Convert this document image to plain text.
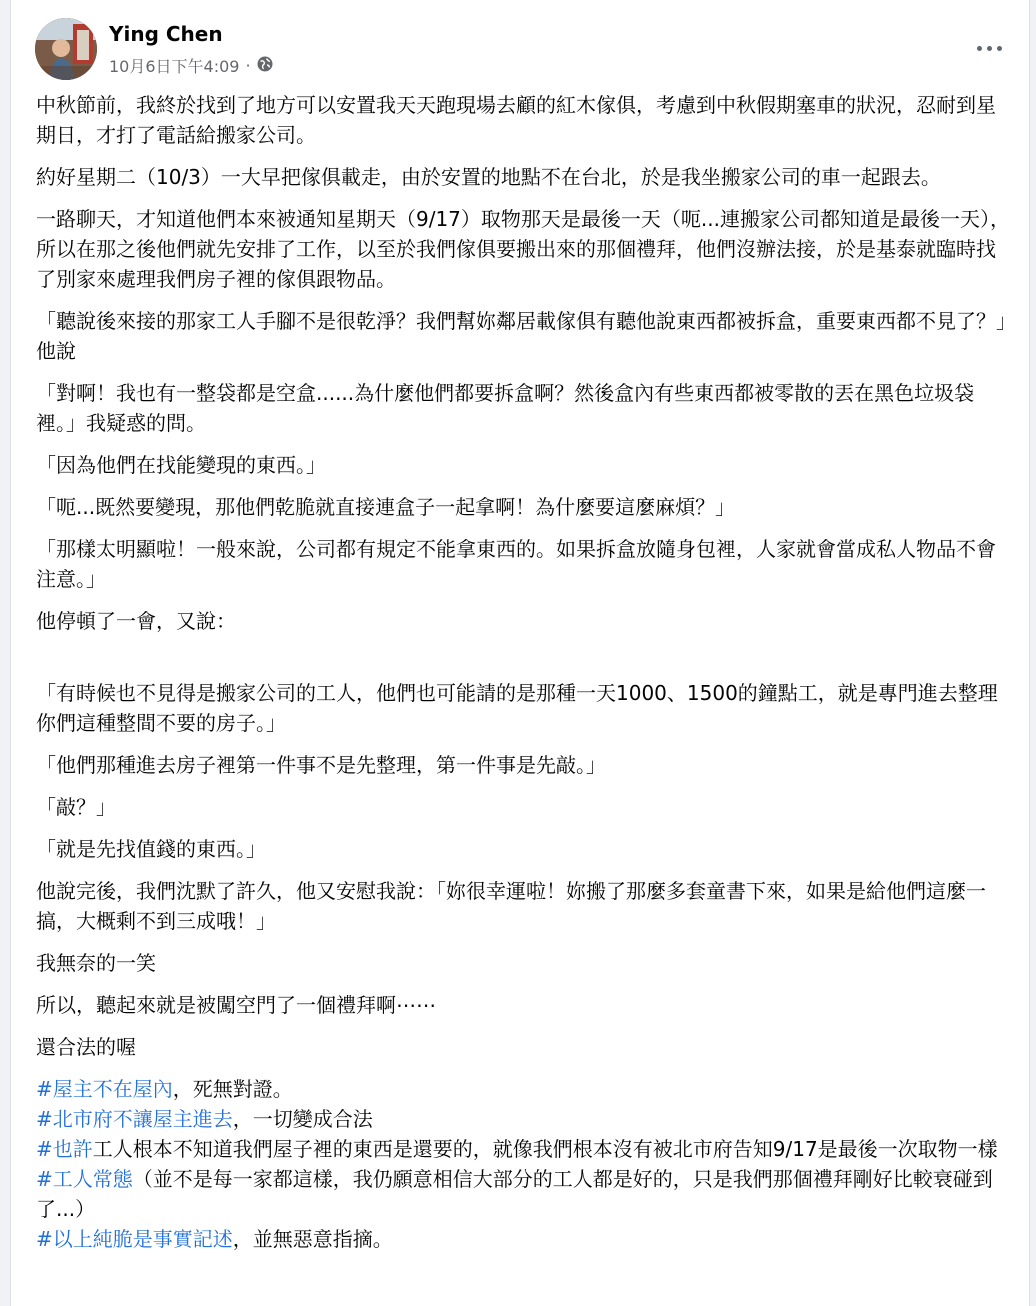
Ying Chen
10月6日下午4:09 ·

中秋節前，我終於找到了地方可以安置我天天跑現場去顧的紅木傢俱，考慮到中秋假期塞車的狀況，忍耐到星期日，才打了電話給搬家公司。

約好星期二（10/3）一大早把傢俱載走，由於安置的地點不在台北，於是我坐搬家公司的車一起￼跟去。

￼￼一路聊天，才知道他們本來被通知星期天（9/17）取物那天是最後一天（呃...連搬家公司都知道是最後一天），所以在那之後他們就先安排了工作，以至於我們傢俱要搬出來的那個禮拜，他們沒辦法接，於是基泰就臨時找了別家來處理我們房子裡的傢俱跟物品。

「聽說後來接的那家工人手腳不是很乾淨？我們幫妳鄰居載傢俱有聽他說東西都被拆盒，重要東西都不見了？」他說

「對啊！我也有一整袋都是空盒......為什麼他們都要拆盒啊？然後盒內有些東西都被零散的丟在黑色垃圾袋裡。」我疑惑的問。

「因為他們在找能變現的東西。」

「呃...既然要變現，那他們乾脆就直接連盒子一起拿啊！為什麼要這麼麻煩？」

「那樣太明顯啦！一般來說，公司都有規定不能拿東西的。如果拆盒放隨身包裡，人家就會當成私人物品不會注意。」

他￼停頓了一會，又說：￼

「有時候也不見得是搬家公司的工人，他們也可能請的是那種一天1000、1500的鐘點工，就是專門進去整理你們這種整間不要的房子。」

「他們那種進去房子裡第一件事不是先整理，第一件事是先敲。」

「敲？」

「就是先找值錢的東西。」

他說完後，我們沈默了許久，他又安慰我說：「妳很幸運啦！妳搬了那麼多套童書下來，如果是給他們這麼一搞，大概剩不到三成哦！」

我無奈的一笑

所以，聽起來就是被闖空門了一個禮拜啊⋯⋯

還合法的喔

#屋主不在屋內，死無對證。

#北市府不讓屋主進去，￼一切變成￼合法

#也許￼￼工人￼根本￼￼不知道我們屋子裡的東西是還要￼￼的，就像我們根本沒有被北市府告知9/17是最後一次取物一樣

#工人常態（￼並不是每一家都這樣，我仍願意相信￼￼￼￼￼￼￼￼￼￼￼￼大部分的工人都是好的，￼只是我們那個￼禮拜剛好比較衰碰到了...）

#以上純脆是事實記述，並無惡意指摘。
